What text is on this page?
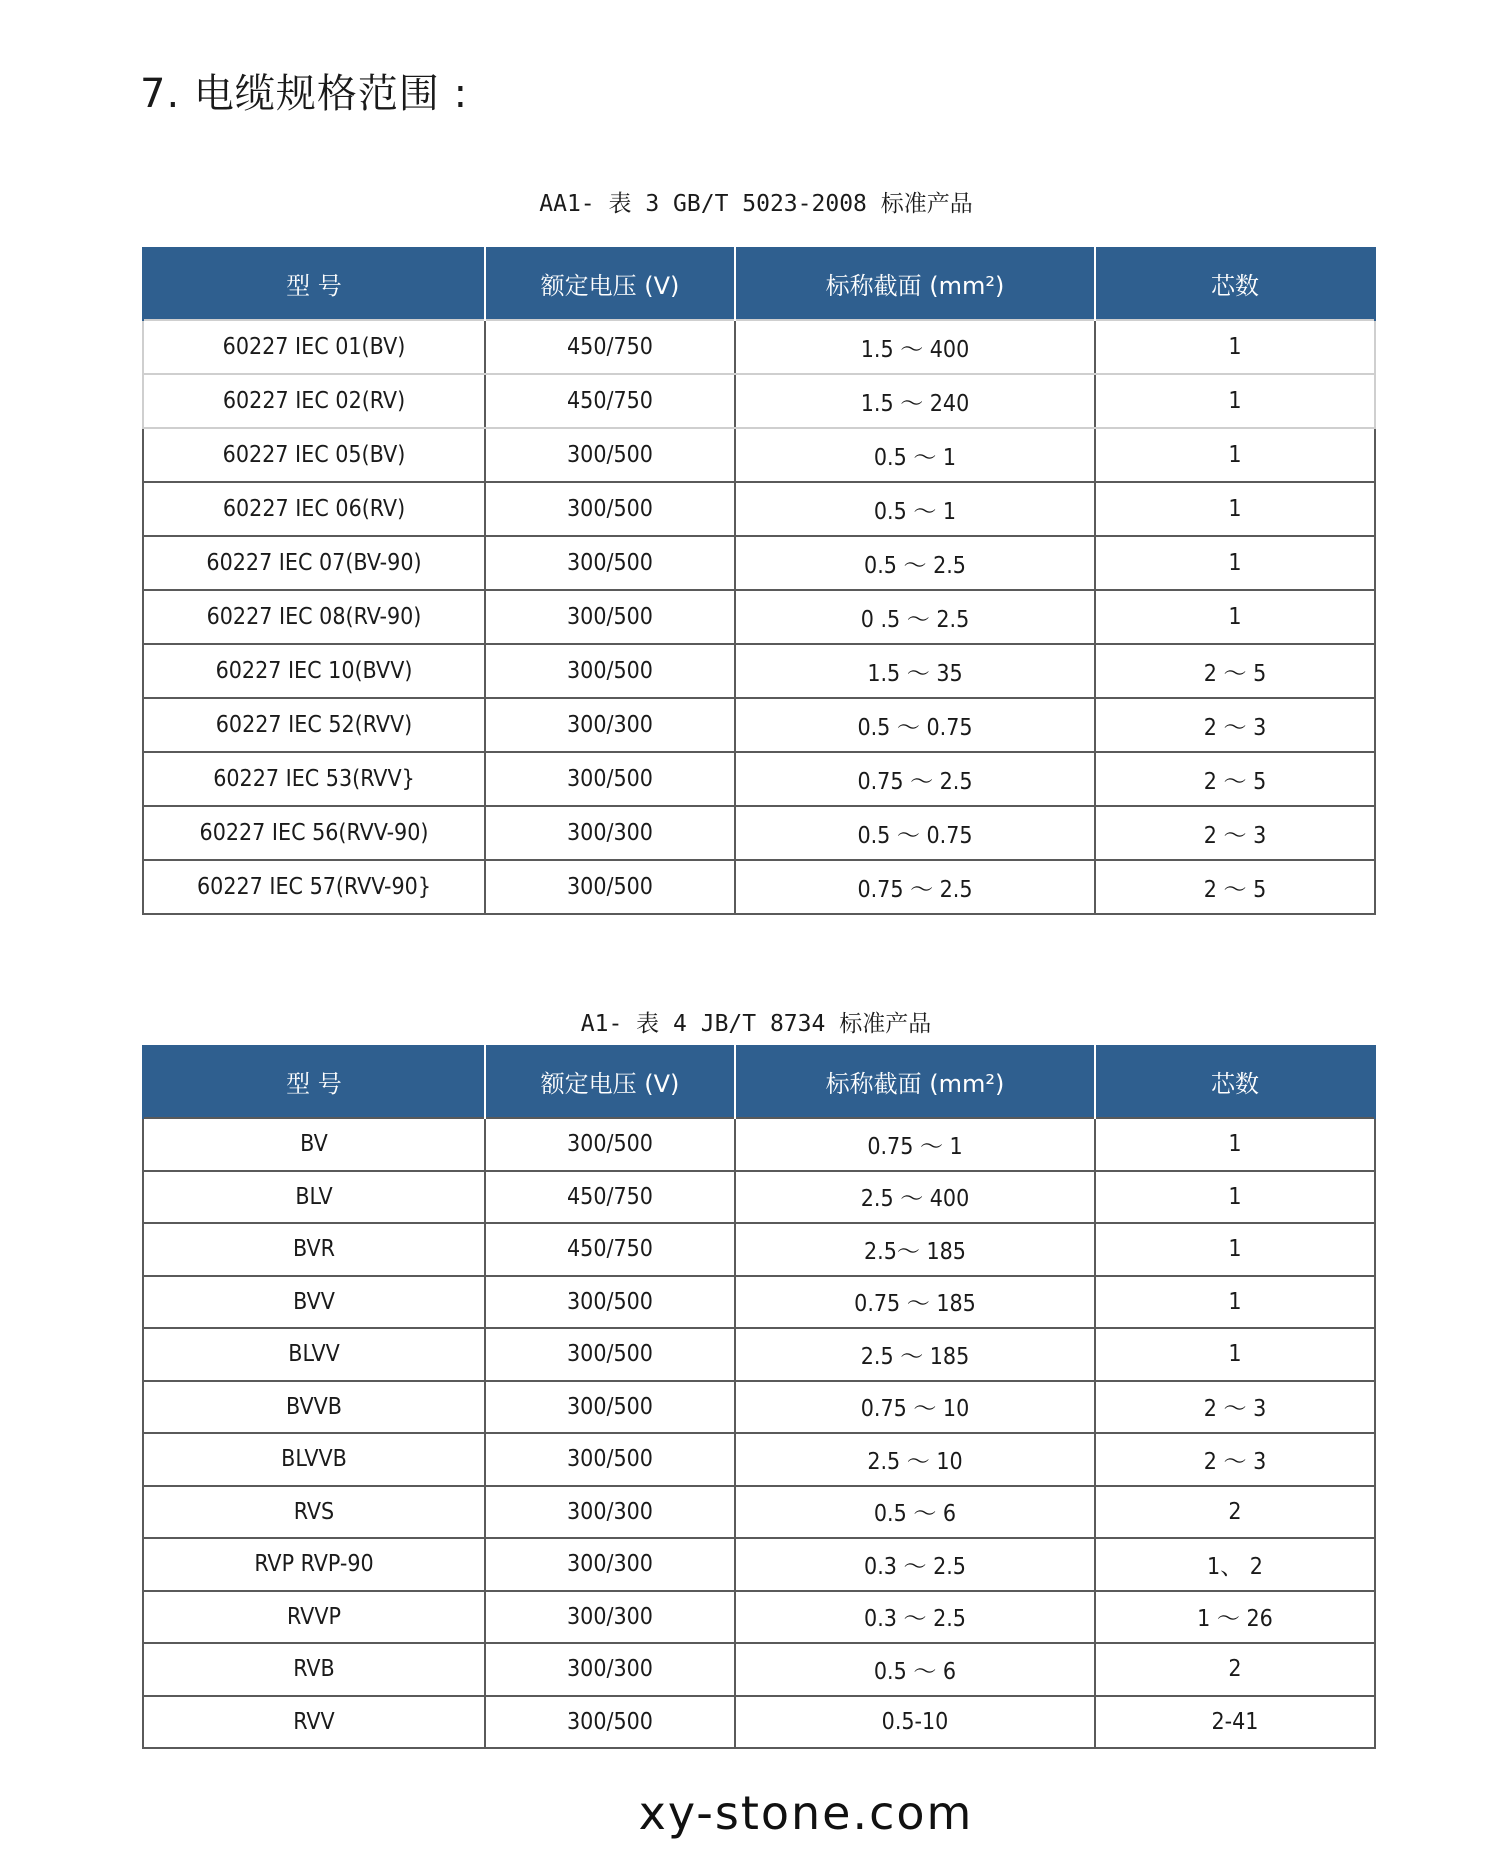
7. 电缆规格范围 :
AA1- 表 3 GB/T 5023-2008 标准产品
型 号	额定电压 (V)	标称截面 (mm²)	芯数
60227 IEC 01(BV)	450/750	1.5 ～ 400	1
60227 IEC 02(RV)	450/750	1.5 ～ 240	1
60227 IEC 05(BV)	300/500	0.5 ～ 1	1
60227 IEC 06(RV)	300/500	0.5 ～ 1	1
60227 IEC 07(BV-90)	300/500	0.5 ～ 2.5	1
60227 IEC 08(RV-90)	300/500	0 .5 ～ 2.5	1
60227 IEC 10(BVV)	300/500	1.5 ～ 35	2 ～ 5
60227 IEC 52(RVV)	300/300	0.5 ～ 0.75	2 ～ 3
60227 IEC 53(RVV}	300/500	0.75 ～ 2.5	2 ～ 5
60227 IEC 56(RVV-90)	300/300	0.5 ～ 0.75	2 ～ 3
60227 IEC 57(RVV-90}	300/500	0.75 ～ 2.5	2 ～ 5
A1- 表 4 JB/T 8734 标准产品
型 号	额定电压 (V)	标称截面 (mm²)	芯数
BV	300/500	0.75 ～ 1	1
BLV	450/750	2.5 ～ 400	1
BVR	450/750	2.5～ 185	1
BVV	300/500	0.75 ～ 185	1
BLVV	300/500	2.5 ～ 185	1
BVVB	300/500	0.75 ～ 10	2 ～ 3
BLVVB	300/500	2.5 ～ 10	2 ～ 3
RVS	300/300	0.5 ～ 6	2
RVP RVP-90	300/300	0.3 ～ 2.5	1、 2
RVVP	300/300	0.3 ～ 2.5	1 ～ 26
RVB	300/300	0.5 ～ 6	2
RVV	300/500	0.5-10	2-41
xy-stone.com
